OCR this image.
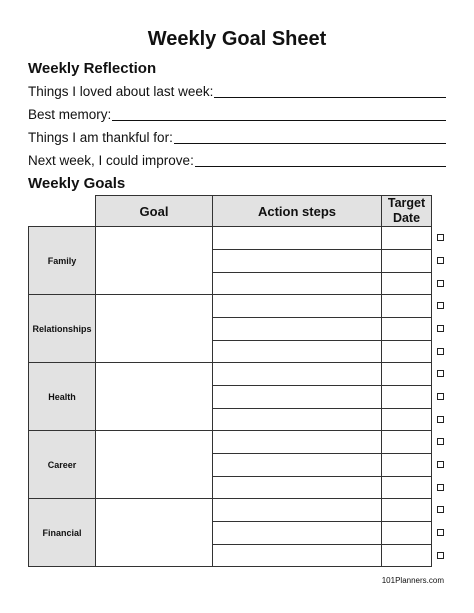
Weekly Goal Sheet
Weekly Reflection
Things I loved about last week:
Best memory:
Things I am thankful for:
Next week, I could improve:
Weekly Goals
Goal	Action steps
Target Date
Family
Relationships
Health
Career
Financial
101Planners.com
